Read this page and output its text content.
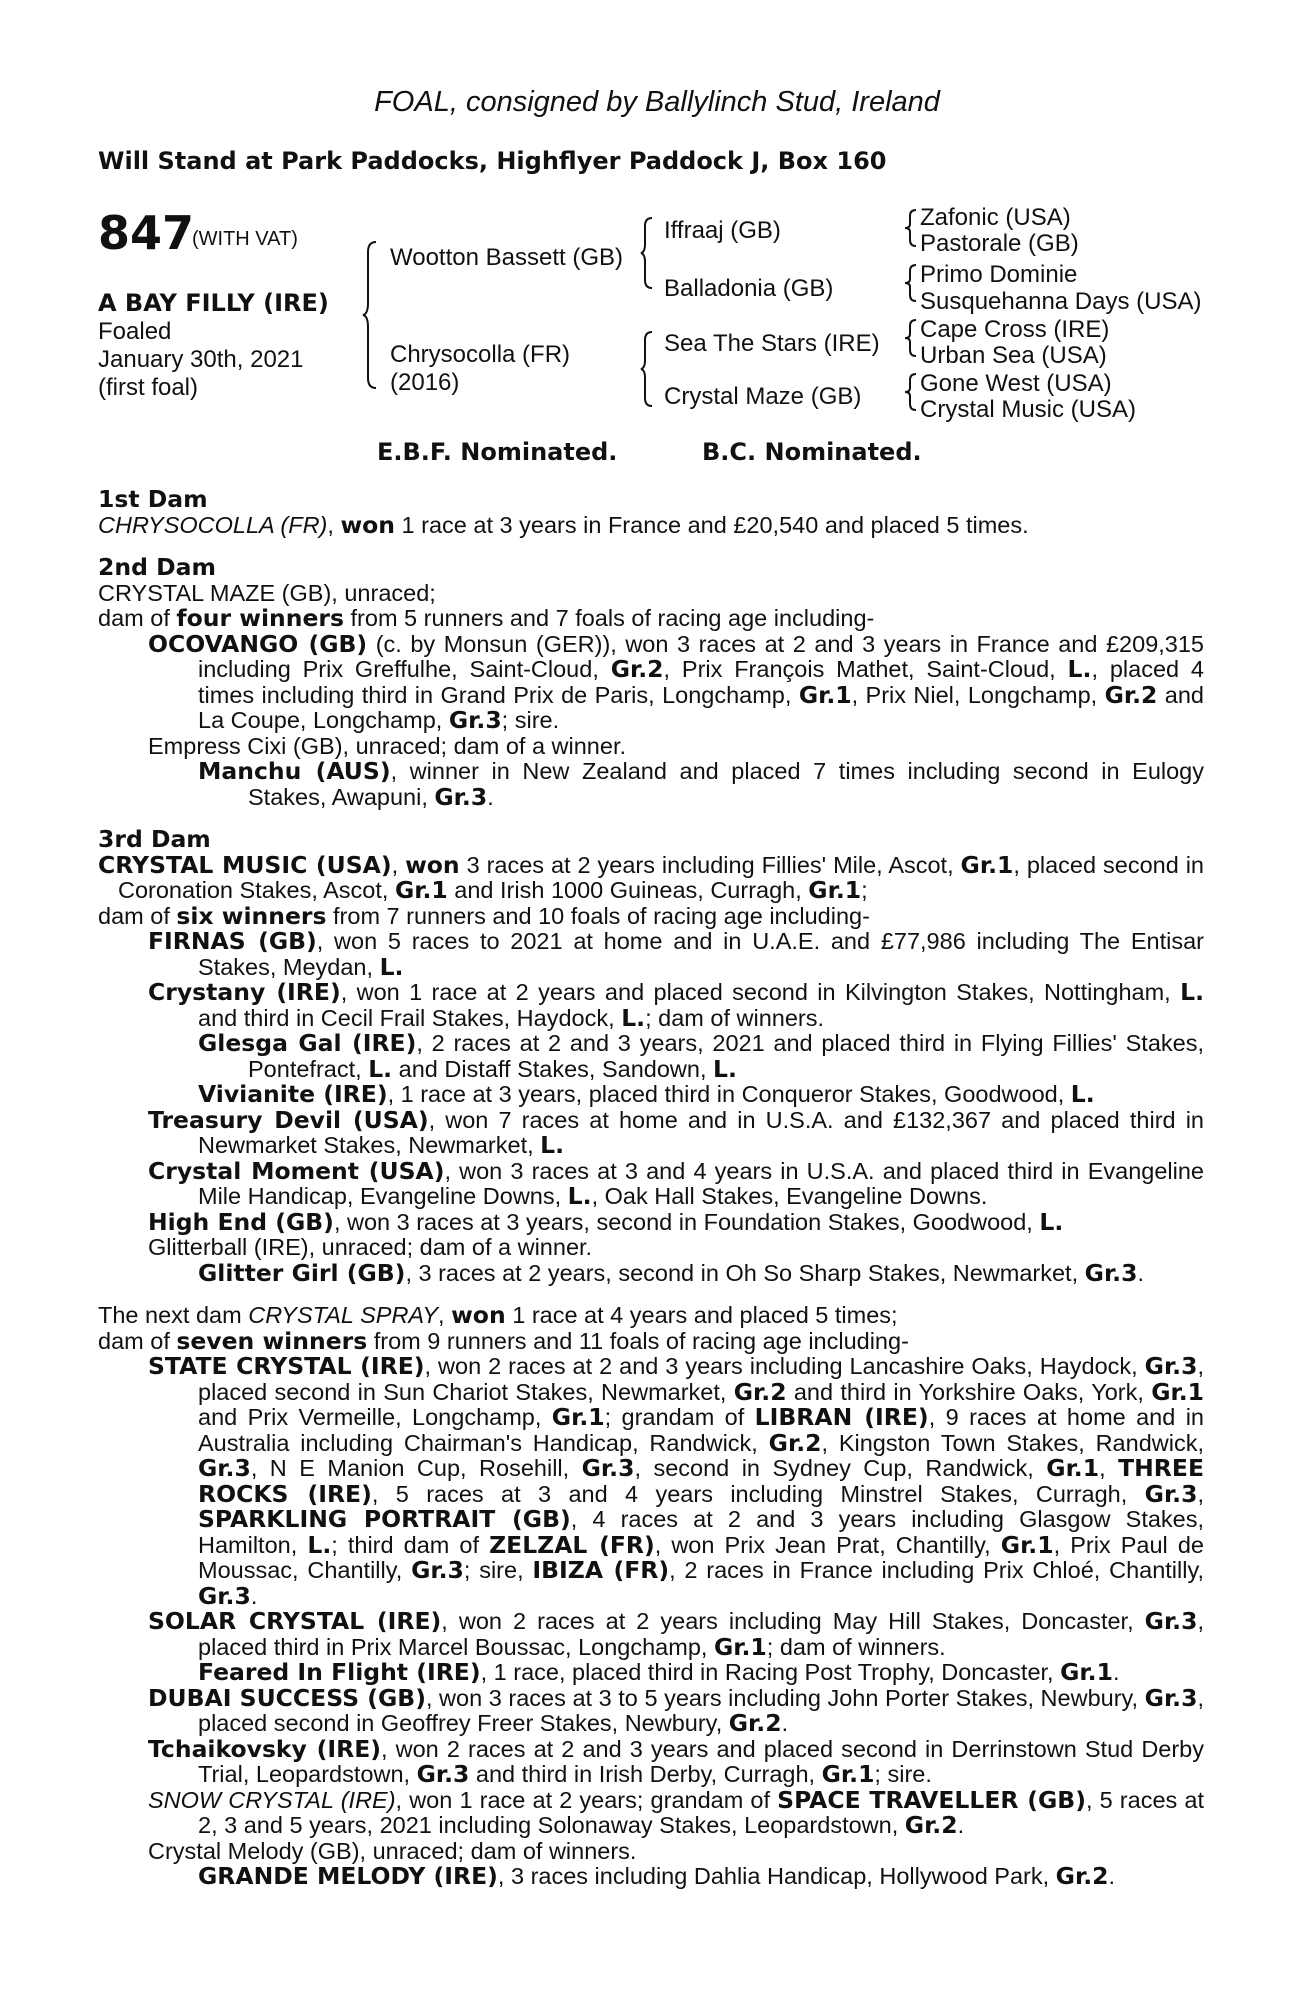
FOAL, consigned by Ballylinch Stud, Ireland
Will Stand at Park Paddocks, Highflyer Paddock J, Box 160
847
(WITH VAT)
A BAY FILLY (IRE)
Foaled
January 30th, 2021
(first foal)
Wootton Bassett (GB)
Chrysocolla (FR)
(2016)
Iffraaj (GB)
Balladonia (GB)
Sea The Stars (IRE)
Crystal Maze (GB)
Zafonic (USA)
Pastorale (GB)
Primo Dominie
Susquehanna Days (USA)
Cape Cross (IRE)
Urban Sea (USA)
Gone West (USA)
Crystal Music (USA)
E.B.F. Nominated.	B.C. Nominated.
1st Dam

CHRYSOCOLLA (FR), won 1 race at 3 years in France and £20,540 and placed 5 times.

2nd Dam

CRYSTAL MAZE (GB), unraced;

dam of four winners from 5 runners and 7 foals of racing age including-

OCOVANGO (GB) (c. by Monsun (GER)), won 3 races at 2 and 3 years in France and £209,315 including Prix Greffulhe, Saint-Cloud, Gr.2, Prix François Mathet, Saint-Cloud, L., placed 4 times including third in Grand Prix de Paris, Longchamp, Gr.1, Prix Niel, Longchamp, Gr.2 and La Coupe, Longchamp, Gr.3; sire.

Empress Cixi (GB), unraced; dam of a winner.

Manchu (AUS), winner in New Zealand and placed 7 times including second in Eulogy Stakes, Awapuni, Gr.3.

3rd Dam

CRYSTAL MUSIC (USA), won 3 races at 2 years including Fillies' Mile, Ascot, Gr.1, placed second in Coronation Stakes, Ascot, Gr.1 and Irish 1000 Guineas, Curragh, Gr.1;

dam of six winners from 7 runners and 10 foals of racing age including-

FIRNAS (GB), won 5 races to 2021 at home and in U.A.E. and £77,986 including The Entisar Stakes, Meydan, L.

Crystany (IRE), won 1 race at 2 years and placed second in Kilvington Stakes, Nottingham, L. and third in Cecil Frail Stakes, Haydock, L.; dam of winners.

Glesga Gal (IRE), 2 races at 2 and 3 years, 2021 and placed third in Flying Fillies' Stakes, Pontefract, L. and Distaff Stakes, Sandown, L.

Vivianite (IRE), 1 race at 3 years, placed third in Conqueror Stakes, Goodwood, L.

Treasury Devil (USA), won 7 races at home and in U.S.A. and £132,367 and placed third in Newmarket Stakes, Newmarket, L.

Crystal Moment (USA), won 3 races at 3 and 4 years in U.S.A. and placed third in Evangeline Mile Handicap, Evangeline Downs, L., Oak Hall Stakes, Evangeline Downs.

High End (GB), won 3 races at 3 years, second in Foundation Stakes, Goodwood, L.

Glitterball (IRE), unraced; dam of a winner.

Glitter Girl (GB), 3 races at 2 years, second in Oh So Sharp Stakes, Newmarket, Gr.3.

The next dam CRYSTAL SPRAY, won 1 race at 4 years and placed 5 times;

dam of seven winners from 9 runners and 11 foals of racing age including-

STATE CRYSTAL (IRE), won 2 races at 2 and 3 years including Lancashire Oaks, Haydock, Gr.3, placed second in Sun Chariot Stakes, Newmarket, Gr.2 and third in Yorkshire Oaks, York, Gr.1 and Prix Vermeille, Longchamp, Gr.1; grandam of LIBRAN (IRE), 9 races at home and in Australia including Chairman's Handicap, Randwick, Gr.2, Kingston Town Stakes, Randwick, Gr.3, N E Manion Cup, Rosehill, Gr.3, second in Sydney Cup, Randwick, Gr.1, THREE ROCKS (IRE), 5 races at 3 and 4 years including Minstrel Stakes, Curragh, Gr.3, SPARKLING PORTRAIT (GB), 4 races at 2 and 3 years including Glasgow Stakes, Hamilton, L.; third dam of ZELZAL (FR), won Prix Jean Prat, Chantilly, Gr.1, Prix Paul de Moussac, Chantilly, Gr.3; sire, IBIZA (FR), 2 races in France including Prix Chloé, Chantilly, Gr.3.

SOLAR CRYSTAL (IRE), won 2 races at 2 years including May Hill Stakes, Doncaster, Gr.3, placed third in Prix Marcel Boussac, Longchamp, Gr.1; dam of winners.

Feared In Flight (IRE), 1 race, placed third in Racing Post Trophy, Doncaster, Gr.1.

DUBAI SUCCESS (GB), won 3 races at 3 to 5 years including John Porter Stakes, Newbury, Gr.3, placed second in Geoffrey Freer Stakes, Newbury, Gr.2.

Tchaikovsky (IRE), won 2 races at 2 and 3 years and placed second in Derrinstown Stud Derby Trial, Leopardstown, Gr.3 and third in Irish Derby, Curragh, Gr.1; sire.

SNOW CRYSTAL (IRE), won 1 race at 2 years; grandam of SPACE TRAVELLER (GB), 5 races at 2, 3 and 5 years, 2021 including Solonaway Stakes, Leopardstown, Gr.2.

Crystal Melody (GB), unraced; dam of winners.

GRANDE MELODY (IRE), 3 races including Dahlia Handicap, Hollywood Park, Gr.2.
